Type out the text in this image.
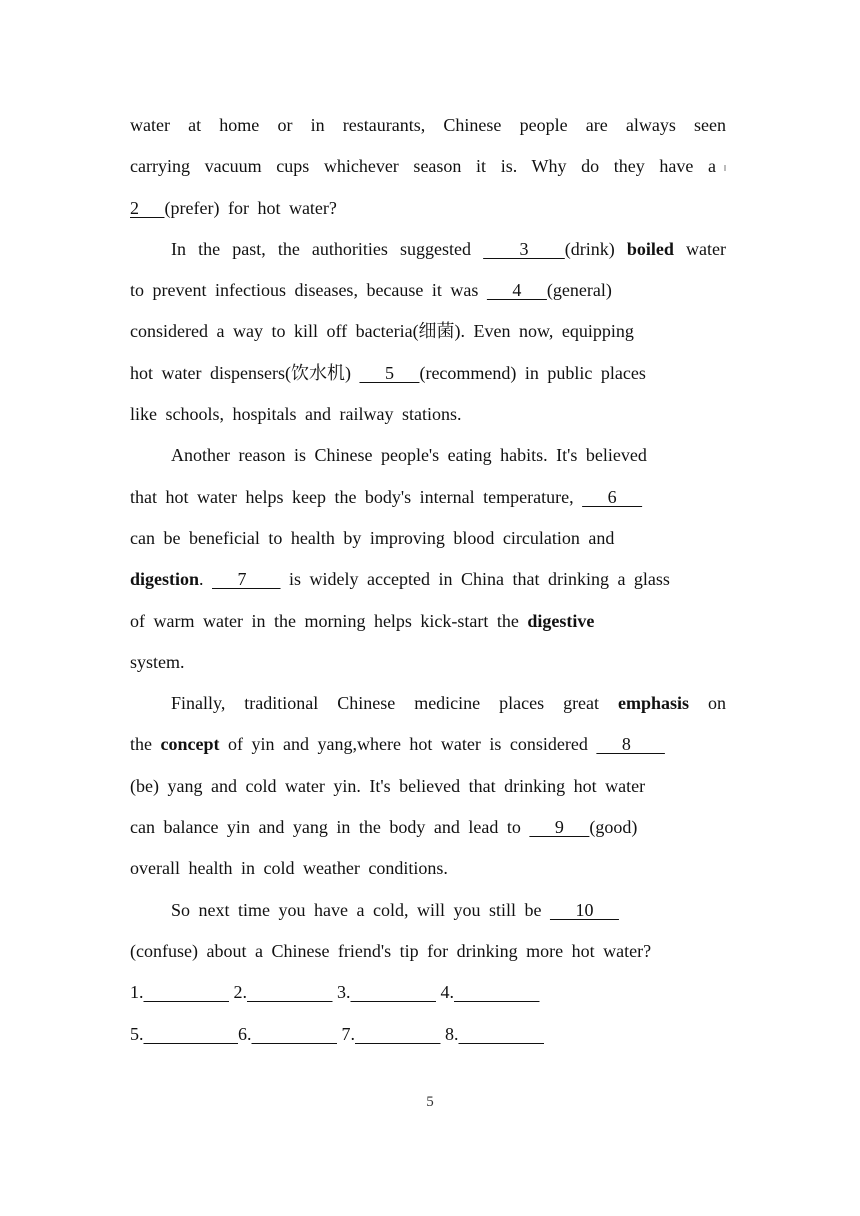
water at home or in restaurants, Chinese people are always seen
carrying vacuum cups whichever season it is. Why do they have a
2   (prefer) for hot water?
In the past, the authorities suggested    3   (drink) boiled water
to prevent infectious diseases, because it was    4   (general)
considered a way to kill off bacteria(细菌). Even now, equipping
hot water dispensers(饮水机)    5   (recommend) in public places
like schools, hospitals and railway stations.
Another reason is Chinese people's eating habits. It's believed
that hot water helps keep the body's internal temperature,    6
can be beneficial to health by improving blood circulation and
digestion.    7     is widely accepted in China that drinking a glass
of warm water in the morning helps kick-start the digestive
system.
Finally, traditional Chinese medicine places great emphasis on
the concept of yin and yang,where hot water is considered    8
(be) yang and cold water yin. It's believed that drinking hot water
can balance yin and yang in the body and lead to    9   (good)
overall health in cold weather conditions.
So next time you have a cold, will you still be    10
(confuse) about a Chinese friend's tip for drinking more hot water?
1.	2.	3.	4.
5.	6.	7.	8.
5
